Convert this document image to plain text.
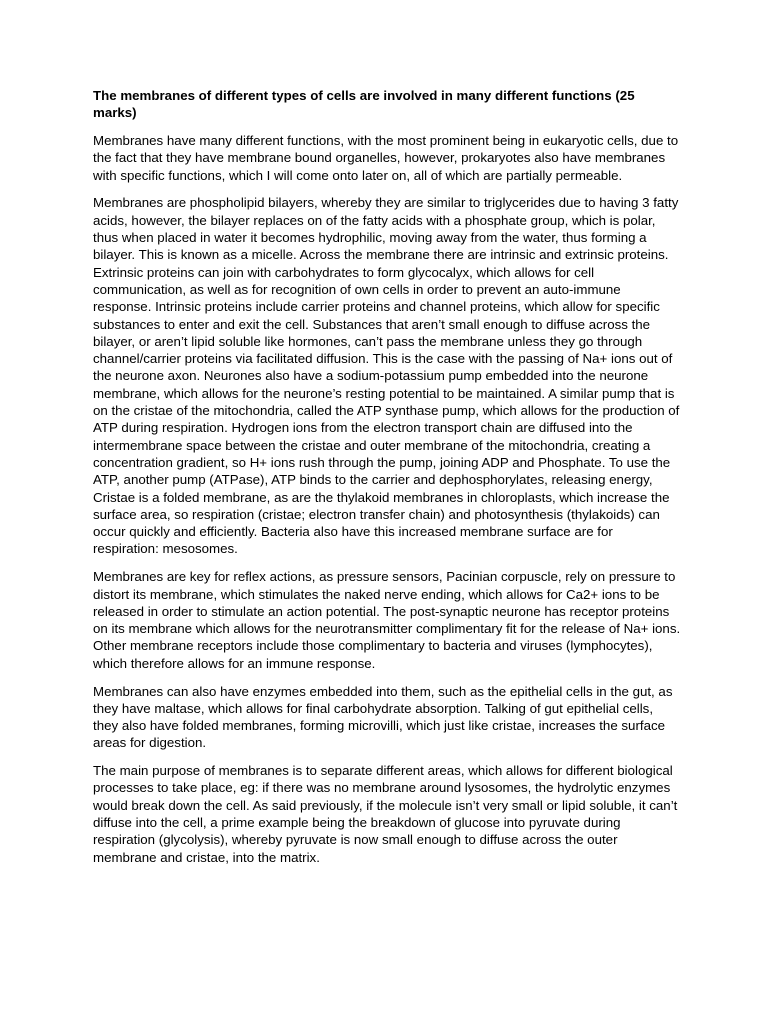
The membranes of different types of cells are involved in many different functions (25 marks)

Membranes have many different functions, with the most prominent being in eukaryotic cells, due to the fact that they have membrane bound organelles, however, prokaryotes also have membranes with specific functions, which I will come onto later on, all of which are partially permeable.

Membranes are phospholipid bilayers, whereby they are similar to triglycerides due to having 3 fatty acids, however, the bilayer replaces on of the fatty acids with a phosphate group, which is polar, thus when placed in water it becomes hydrophilic, moving away from the water, thus forming a bilayer. This is known as a micelle. Across the membrane there are intrinsic and extrinsic proteins. Extrinsic proteins can join with carbohydrates to form glycocalyx, which allows for cell communication, as well as for recognition of own cells in order to prevent an auto-immune response. Intrinsic proteins include carrier proteins and channel proteins, which allow for specific substances to enter and exit the cell. Substances that aren’t small enough to diffuse across the bilayer, or aren’t lipid soluble like hormones, can’t pass the membrane unless they go through channel/carrier proteins via facilitated diffusion. This is the case with the passing of Na+ ions out of the neurone axon. Neurones also have a sodium-potassium pump embedded into the neurone membrane, which allows for the neurone’s resting potential to be maintained. A similar pump that is on the cristae of the mitochondria, called the ATP synthase pump, which allows for the production of ATP during respiration. Hydrogen ions from the electron transport chain are diffused into the intermembrane space between the cristae and outer membrane of the mitochondria, creating a concentration gradient, so H+ ions rush through the pump, joining ADP and Phosphate. To use the ATP, another pump (ATPase), ATP binds to the carrier and dephosphorylates, releasing energy, Cristae is a folded membrane, as are the thylakoid membranes in chloroplasts, which increase the surface area, so respiration (cristae; electron transfer chain) and photosynthesis (thylakoids) can occur quickly and efficiently. Bacteria also have this increased membrane surface are for respiration: mesosomes.

Membranes are key for reflex actions, as pressure sensors, Pacinian corpuscle, rely on pressure to distort its membrane, which stimulates the naked nerve ending, which allows for Ca2+ ions to be released in order to stimulate an action potential. The post-synaptic neurone has receptor proteins on its membrane which allows for the neurotransmitter complimentary fit for the release of Na+ ions. Other membrane receptors include those complimentary to bacteria and viruses (lymphocytes), which therefore allows for an immune response.

Membranes can also have enzymes embedded into them, such as the epithelial cells in the gut, as they have maltase, which allows for final carbohydrate absorption. Talking of gut epithelial cells, they also have folded membranes, forming microvilli, which just like cristae, increases the surface areas for digestion.

The main purpose of membranes is to separate different areas, which allows for different biological processes to take place, eg: if there was no membrane around lysosomes, the hydrolytic enzymes would break down the cell. As said previously, if the molecule isn’t very small or lipid soluble, it can’t diffuse into the cell, a prime example being the breakdown of glucose into pyruvate during respiration (glycolysis), whereby pyruvate is now small enough to diffuse across the outer membrane and cristae, into the matrix.
